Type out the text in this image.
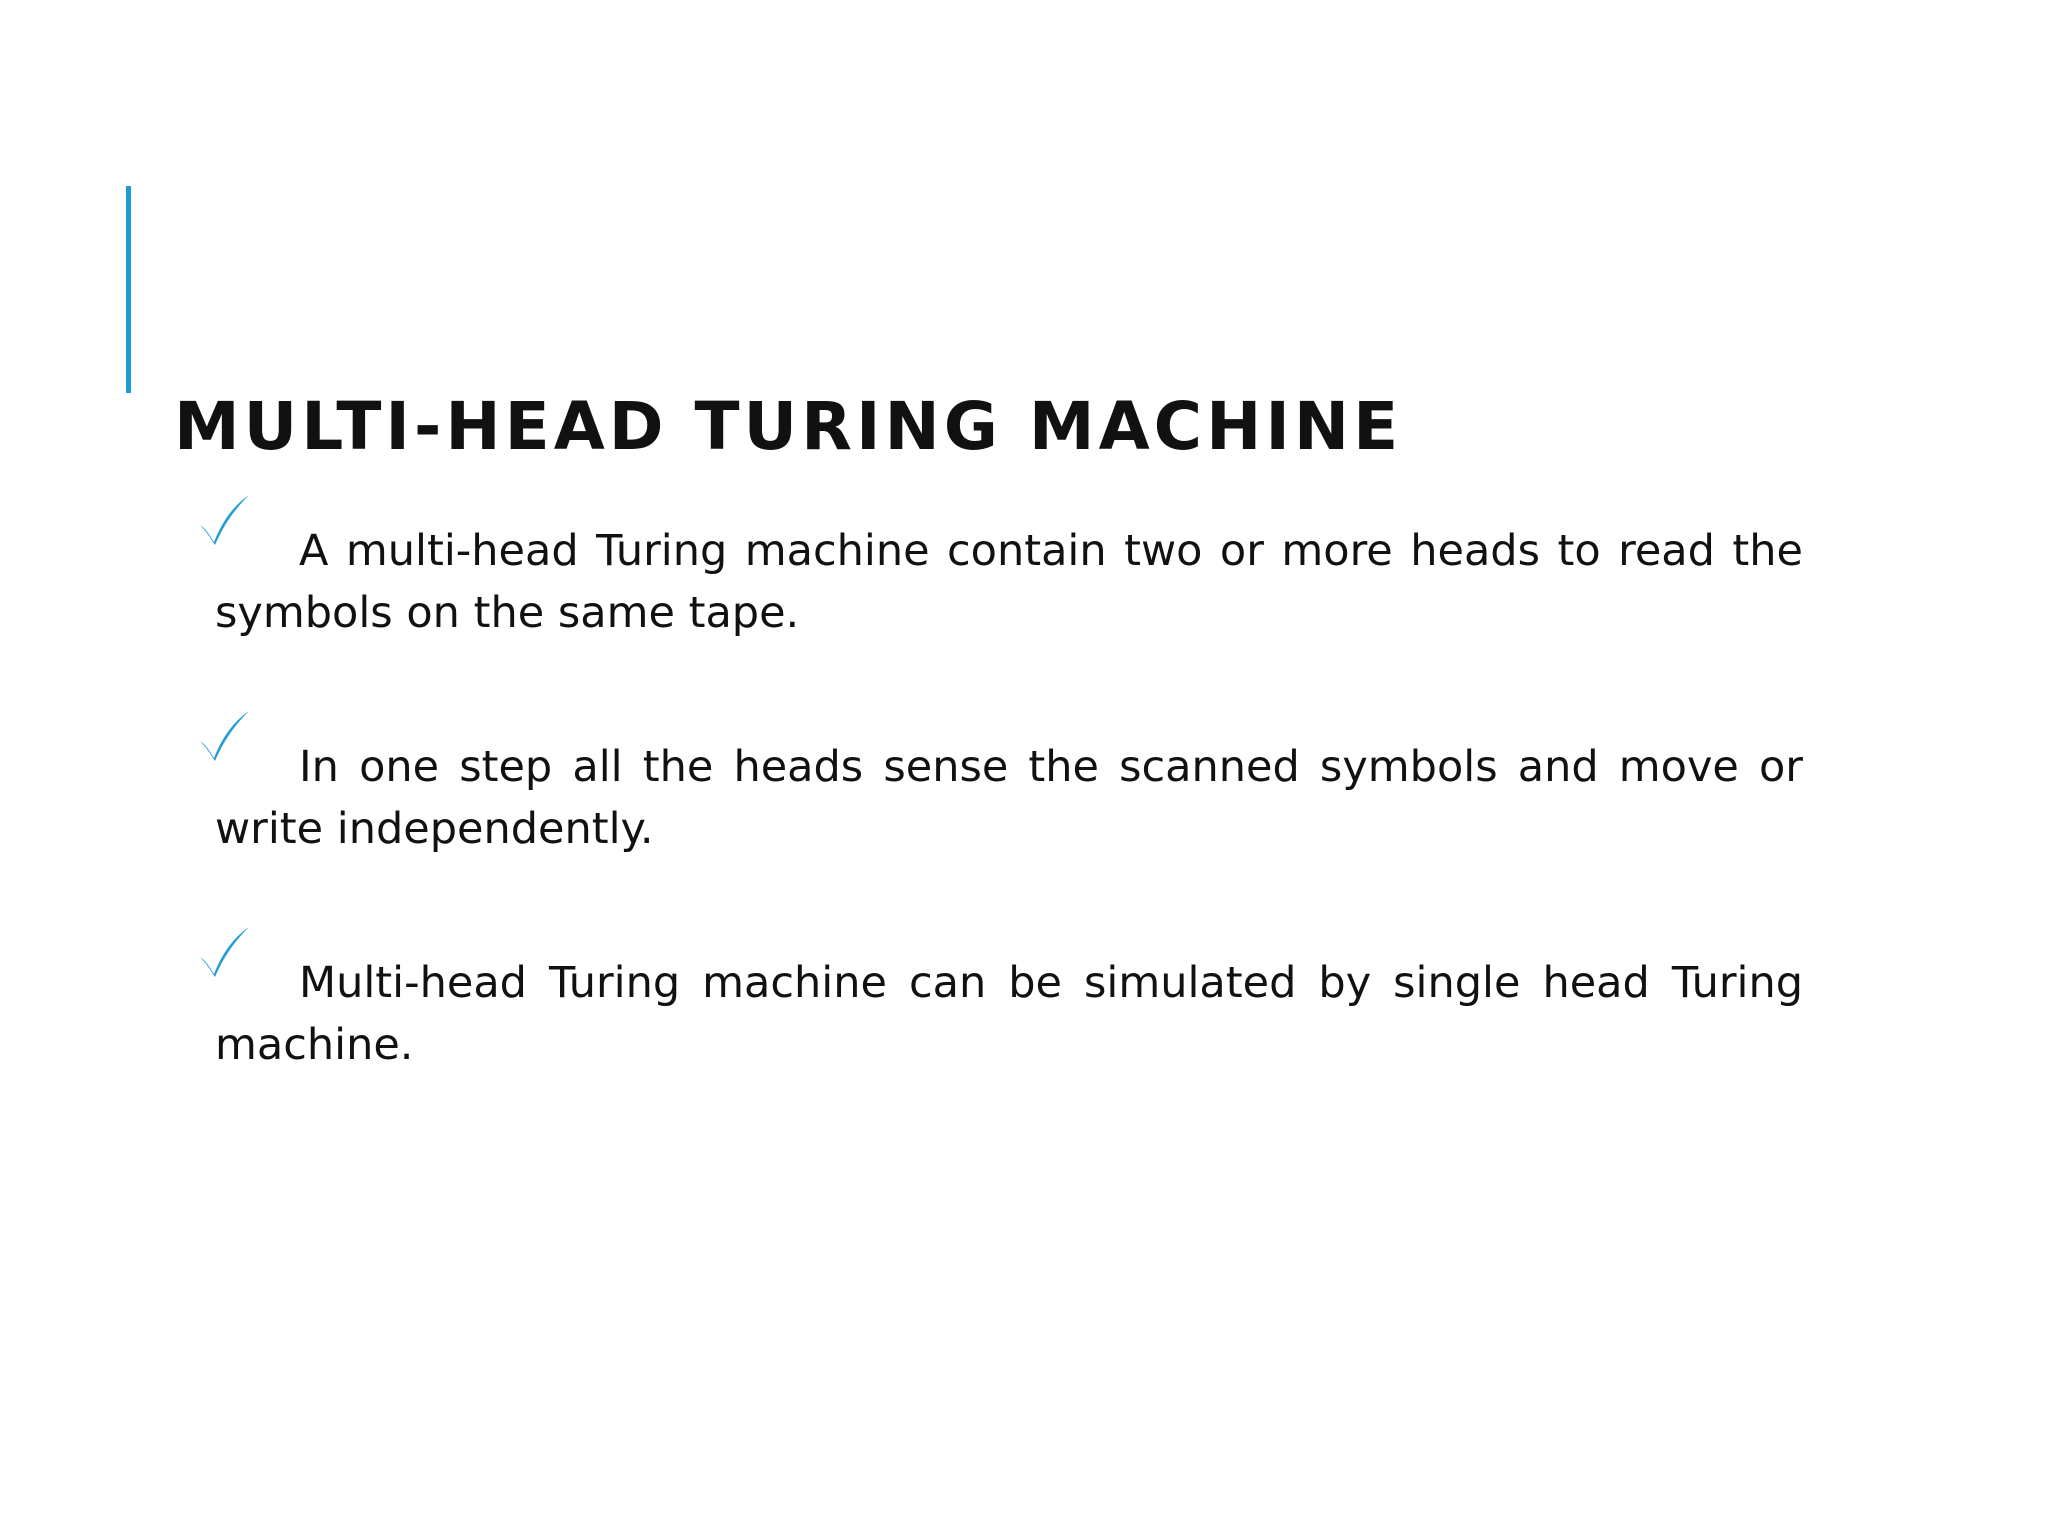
MULTI-HEAD TURING MACHINE
A multi-head Turing machine contain two or more heads to read the symbols on the same tape.
In one step all the heads sense the scanned symbols and move or write independently.
Multi-head Turing machine can be simulated by single head Turing machine.
